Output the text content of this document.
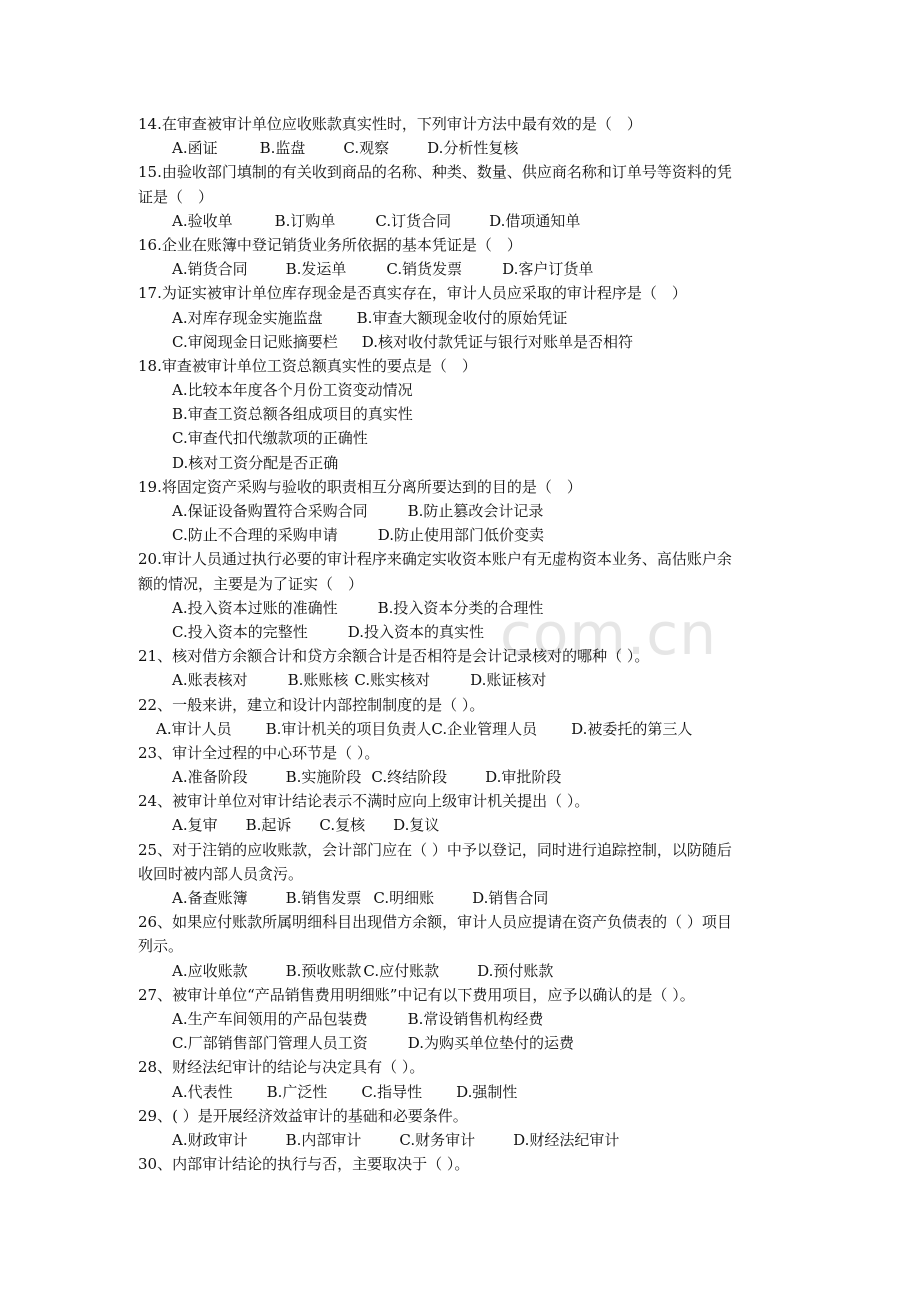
com.cn
14.在审查被审计单位应收账款真实性时，下列审计方法中最有效的是（　）
A.函证	B.监盘	C.观察	D.分析性复核
15.由验收部门填制的有关收到商品的名称、种类、数量、供应商名称和订单号等资料的凭
证是（　）
A.验收单	B.订购单	C.订货合同	D.借项通知单
16.企业在账簿中登记销货业务所依据的基本凭证是（　）
A.销货合同	B.发运单	C.销货发票	D.客户订货单
17.为证实被审计单位库存现金是否真实存在，审计人员应采取的审计程序是（　）
A.对库存现金实施监盘 B.审查大额现金收付的原始凭证
C.审阅现金日记账摘要栏 D.核对收付款凭证与银行对账单是否相符
18.审查被审计单位工资总额真实性的要点是（　）
A.比较本年度各个月份工资变动情况
B.审查工资总额各组成项目的真实性
C.审查代扣代缴款项的正确性
D.核对工资分配是否正确
19.将固定资产采购与验收的职责相互分离所要达到的目的是（　）
A.保证设备购置符合采购合同	B.防止篡改会计记录
C.防止不合理的采购申请	D.防止使用部门低价变卖
20.审计人员通过执行必要的审计程序来确定实收资本账户有无虚构资本业务、高估账户余
额的情况，主要是为了证实（　）
A.投入资本过账的准确性	B.投入资本分类的合理性
C.投入资本的完整性	D.投入资本的真实性
21、核对借方余额合计和贷方余额合计是否相符是会计记录核对的哪种（ ）。
A.账表核对	B.账账核 C.账实核对	D.账证核对
22、一般来讲，建立和设计内部控制制度的是（ ）。
A.审计人员 B.审计机关的项目负责人C.企业管理人员 D.被委托的第三人
23、审计全过程的中心环节是（ ）。
A.准备阶段	B.实施阶段 C.终结阶段	D.审批阶段
24、被审计单位对审计结论表示不满时应向上级审计机关提出（ ）。
A.复审 B.起诉 C.复核 D.复议
25、对于注销的应收账款，会计部门应在（ ）中予以登记，同时进行追踪控制，以防随后
收回时被内部人员贪污。
A.备查账簿	B.销售发票 C.明细账	D.销售合同
26、如果应付账款所属明细科目出现借方余额，审计人员应提请在资产负债表的（ ）项目
列示。
A.应收账款	B.预收账款 C.应付账款	D.预付账款
27、被审计单位“产品销售费用明细账”中记有以下费用项目，应予以确认的是（ ）。
A.生产车间领用的产品包装费	B.常设销售机构经费
C.厂部销售部门管理人员工资	D.为购买单位垫付的运费
28、财经法纪审计的结论与决定具有（ ）。
A.代表性 B.广泛性 C.指导性 D.强制性
29、( ）是开展经济效益审计的基础和必要条件。
A.财政审计	B.内部审计	C.财务审计	D.财经法纪审计
30、内部审计结论的执行与否，主要取决于（ ）。
